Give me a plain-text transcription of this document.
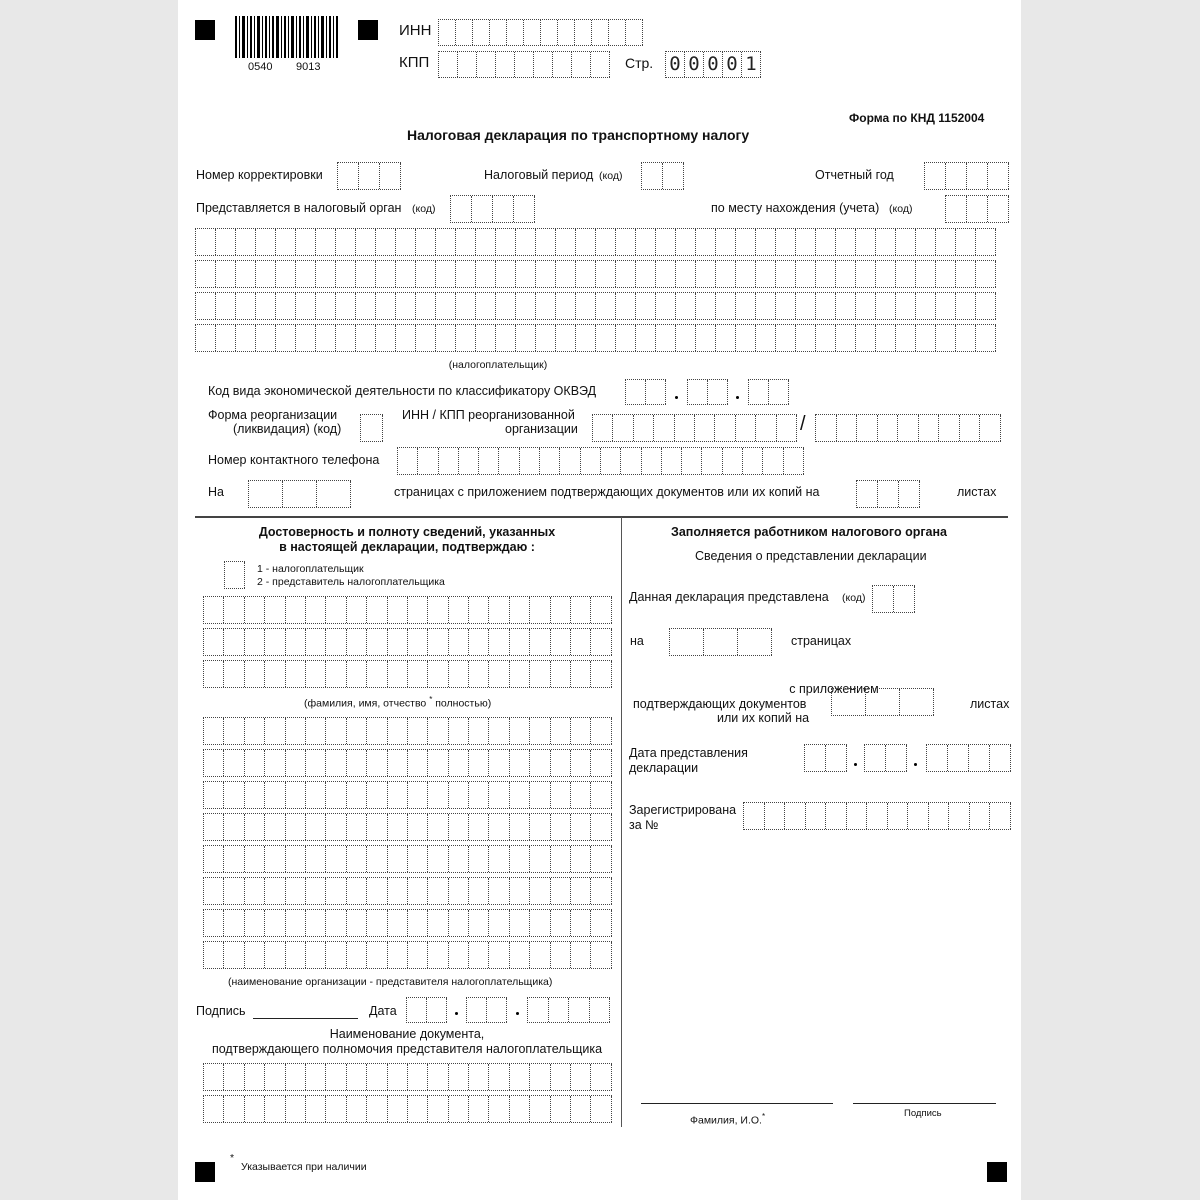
0540 9013
ИНН
КПП	Стр. 0 0 0 0 1
Форма по КНД 1152004
Налоговая декларация по транспортному налогу
Номер корректировки	Налоговый период (код)	Отчетный год
Представляется в налоговый орган (код)	по месту нахождения (учета) (код)
(налогоплательщик)
Код вида экономической деятельности по классификатору ОКВЭД
Форма реорганизации
(ликвидация) (код)
ИНН / КПП реорганизованной
организации	/
Номер контактного телефона
На	страницах с приложением подтверждающих документов или их копий на	листах
Достоверность и полноту сведений, указанных
в настоящей декларации, подтверждаю :
1 - налогоплательщик
2 - представитель налогоплательщика
(фамилия, имя, отчество * полностью)
(наименование организации - представителя налогоплательщика)
Подпись	Дата
Наименование документа,
подтверждающего полномочия представителя налогоплательщика
Заполняется работником налогового органа
Сведения о представлении декларации
Данная декларация представлена (код)
на	страницах
с приложением
подтверждающих документов
или их копий на
листах
Дата представления
декларации
Зарегистрирована
за №
Фамилия, И.О.*	Подпись
*
Указывается при наличии
